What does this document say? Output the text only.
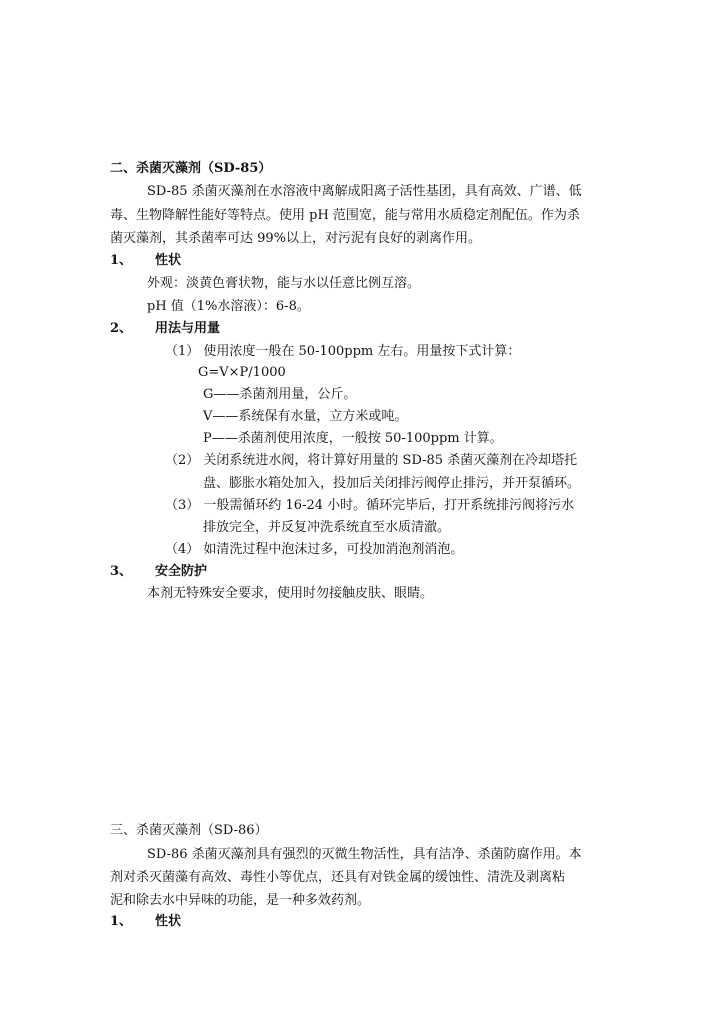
二、杀菌灭藻剂（SD-85）
SD-85 杀菌灭藻剂在水溶液中离解成阳离子活性基团，具有高效、广谱、低
毒、生物降解性能好等特点。使用 pH 范围宽，能与常用水质稳定剂配伍。作为杀
菌灭藻剂，其杀菌率可达 99%以上，对污泥有良好的剥离作用。
1、 性状
外观：淡黄色膏状物，能与水以任意比例互溶。
pH 值（1%水溶液）：6-8。
2、 用法与用量
（1） 使用浓度一般在 50-100ppm 左右。用量按下式计算：
G=V×P/1000
G——杀菌剂用量，公斤。
V——系统保有水量，立方米或吨。
P——杀菌剂使用浓度，一般按 50-100ppm 计算。
（2） 关闭系统进水阀，将计算好用量的 SD-85 杀菌灭藻剂在冷却塔托
盘、膨胀水箱处加入，投加后关闭排污阀停止排污，并开泵循环。
（3） 一般需循环约 16-24 小时。循环完毕后，打开系统排污阀将污水
排放完全，并反复冲洗系统直至水质清澈。
（4） 如清洗过程中泡沫过多，可投加消泡剂消泡。
3、 安全防护
本剂无特殊安全要求，使用时勿接触皮肤、眼睛。
三、杀菌灭藻剂（SD-86）
SD-86 杀菌灭藻剂具有强烈的灭微生物活性，具有洁净、杀菌防腐作用。本
剂对杀灭菌藻有高效、毒性小等优点，还具有对铁金属的缓蚀性、清洗及剥离粘
泥和除去水中异味的功能，是一种多效药剂。
1、 性状
